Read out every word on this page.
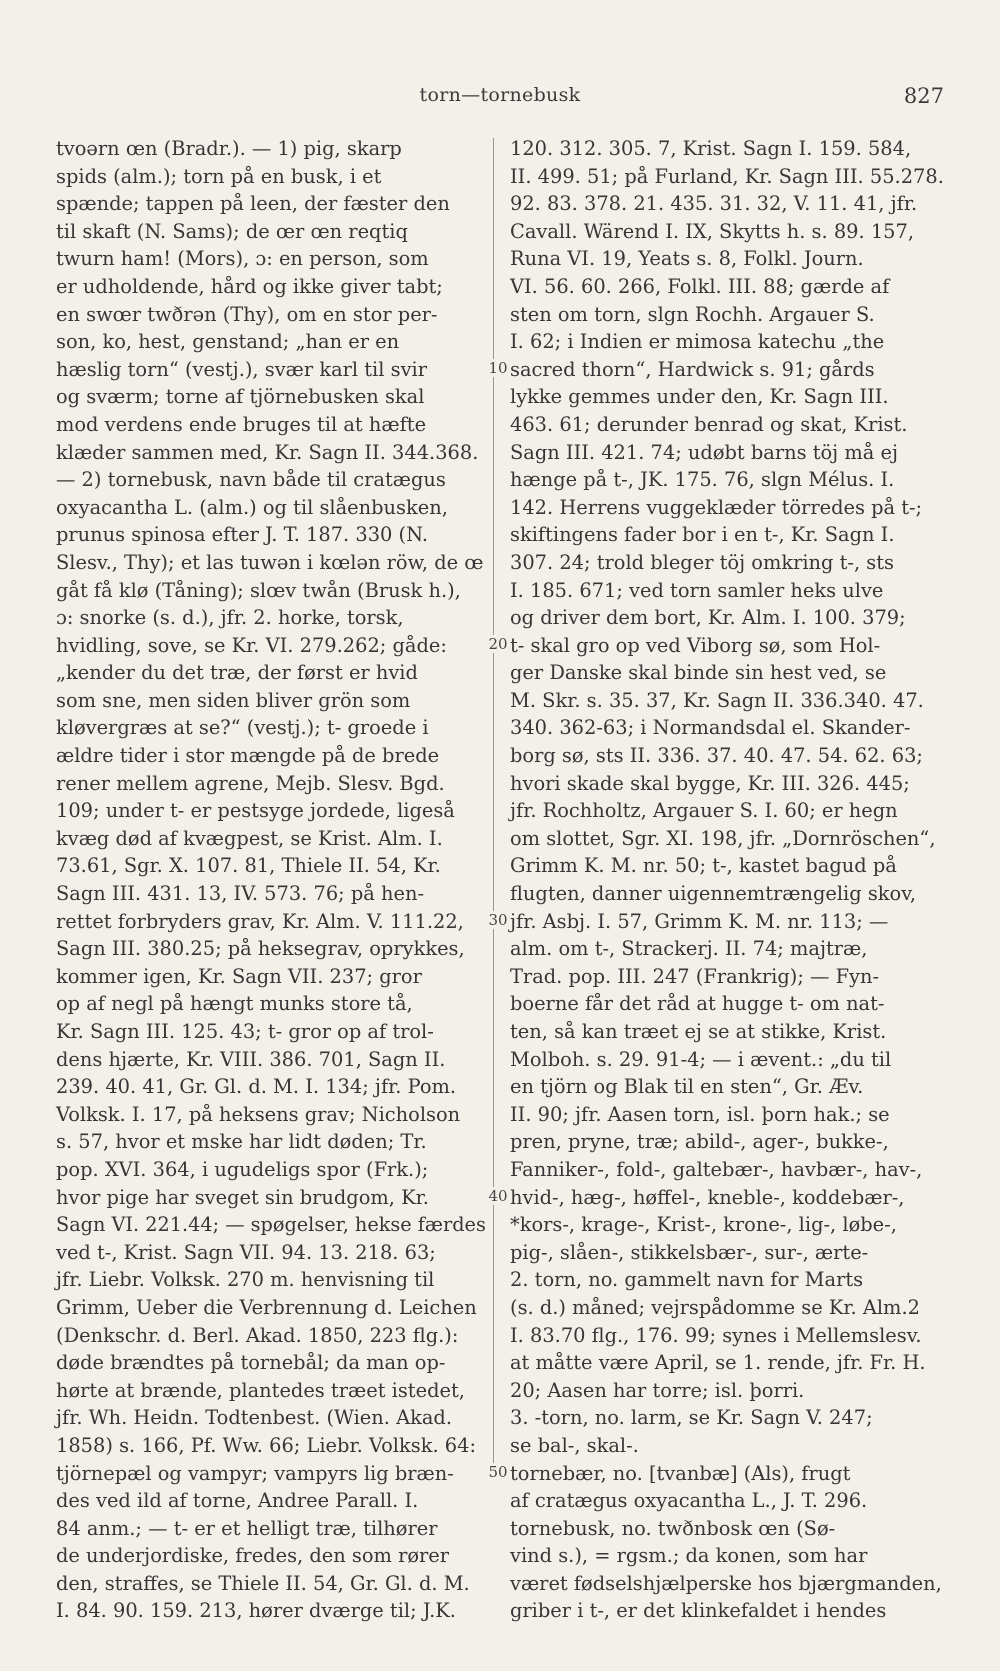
torn—tornebusk	827
tvoərn œn (Bradr.). — 1) pig, skarp
spids (alm.); torn på en busk, i et
spænde; tappen på leen, der fæster den
til skaft (N. Sams); de œr œn reqtiq
twurn ham! (Mors), ɔ: en person, som
er udholdende, hård og ikke giver tabt;
en swœr twðrən (Thy), om en stor per-
son, ko, hest, genstand; „han er en
hæslig torn“ (vestj.), svær karl til svir
og sværm; torne af tjörnebusken skal
mod verdens ende bruges til at hæfte
klæder sammen med, Kr. Sagn II. 344.368.
— 2) tornebusk, navn både til cratægus
oxyacantha L. (alm.) og til slåenbusken,
prunus spinosa efter J. T. 187. 330 (N.
Slesv., Thy); et las tuwən i kœlən röw, de œ
gåt få klø (Tåning); slœv twån (Brusk h.),
ɔ: snorke (s. d.), jfr. 2. horke, torsk,
hvidling, sove, se Kr. VI. 279.262; gåde:
„kender du det træ, der først er hvid
som sne, men siden bliver grön som
kløvergræs at se?“ (vestj.); t- groede i
ældre tider i stor mængde på de brede
rener mellem agrene, Mejb. Slesv. Bgd.
109; under t- er pestsyge jordede, ligeså
kvæg død af kvægpest, se Krist. Alm. I.
73.61, Sgr. X. 107. 81, Thiele II. 54, Kr.
Sagn III. 431. 13, IV. 573. 76; på hen-
rettet forbryders grav, Kr. Alm. V. 111.22,
Sagn III. 380.25; på heksegrav, oprykkes,
kommer igen, Kr. Sagn VII. 237; gror
op af negl på hængt munks store tå,
Kr. Sagn III. 125. 43; t- gror op af trol-
dens hjærte, Kr. VIII. 386. 701, Sagn II.
239. 40. 41, Gr. Gl. d. M. I. 134; jfr. Pom.
Volksk. I. 17, på heksens grav; Nicholson
s. 57, hvor et mske har lidt døden; Tr.
pop. XVI. 364, i ugudeligs spor (Frk.);
hvor pige har sveget sin brudgom, Kr.
Sagn VI. 221.44; — spøgelser, hekse færdes
ved t-, Krist. Sagn VII. 94. 13. 218. 63;
jfr. Liebr. Volksk. 270 m. henvisning til
Grimm, Ueber die Verbrennung d. Leichen
(Denkschr. d. Berl. Akad. 1850, 223 flg.):
døde brændtes på tornebål; da man op-
hørte at brænde, plantedes træet istedet,
jfr. Wh. Heidn. Todtenbest. (Wien. Akad.
1858) s. 166, Pf. Ww. 66; Liebr. Volksk. 64:
tjörnepæl og vampyr; vampyrs lig bræn-
des ved ild af torne, Andree Parall. I.
84 anm.; — t- er et helligt træ, tilhører
de underjordiske, fredes, den som rører
den, straffes, se Thiele II. 54, Gr. Gl. d. M.
I. 84. 90. 159. 213, hører dværge til; J.K.
120. 312. 305. 7, Krist. Sagn I. 159. 584,
II. 499. 51; på Furland, Kr. Sagn III. 55.278.
92. 83. 378. 21. 435. 31. 32, V. 11. 41, jfr.
Cavall. Wärend I. IX, Skytts h. s. 89. 157,
Runa VI. 19, Yeats s. 8, Folkl. Journ.
VI. 56. 60. 266, Folkl. III. 88; gærde af
sten om torn, slgn Rochh. Argauer S.
I. 62; i Indien er mimosa katechu „the
sacred thorn“, Hardwick s. 91; gårds
lykke gemmes under den, Kr. Sagn III.
463. 61; derunder benrad og skat, Krist.
Sagn III. 421. 74; udøbt barns töj må ej
hænge på t-, JK. 175. 76, slgn Mélus. I.
142. Herrens vuggeklæder törredes på t-;
skiftingens fader bor i en t-, Kr. Sagn I.
307. 24; trold bleger töj omkring t-, sts
I. 185. 671; ved torn samler heks ulve
og driver dem bort, Kr. Alm. I. 100. 379;
t- skal gro op ved Viborg sø, som Hol-
ger Danske skal binde sin hest ved, se
M. Skr. s. 35. 37, Kr. Sagn II. 336.340. 47.
340. 362-63; i Normandsdal el. Skander-
borg sø, sts II. 336. 37. 40. 47. 54. 62. 63;
hvori skade skal bygge, Kr. III. 326. 445;
jfr. Rochholtz, Argauer S. I. 60; er hegn
om slottet, Sgr. XI. 198, jfr. „Dornröschen“,
Grimm K. M. nr. 50; t-, kastet bagud på
flugten, danner uigennemtrængelig skov,
jfr. Asbj. I. 57, Grimm K. M. nr. 113; —
alm. om t-, Strackerj. II. 74; majtræ,
Trad. pop. III. 247 (Frankrig); — Fyn-
boerne får det råd at hugge t- om nat-
ten, så kan træet ej se at stikke, Krist.
Molboh. s. 29. 91-4; — i ævent.: „du til
en tjörn og Blak til en sten“, Gr. Æv.
II. 90; jfr. Aasen torn, isl. þorn hak.; se
pren, pryne, træ; abild-, ager-, bukke-,
Fanniker-, fold-, galtebær-, havbær-, hav-,
hvid-, hæg-, høffel-, kneble-, koddebær-,
*kors-, krage-, Krist-, krone-, lig-, løbe-,
pig-, slåen-, stikkelsbær-, sur-, ærte-
2. torn, no. gammelt navn for Marts
(s. d.) måned; vejrspådomme se Kr. Alm.2
I. 83.70 flg., 176. 99; synes i Mellemslesv.
at måtte være April, se 1. rende, jfr. Fr. H.
20; Aasen har torre; isl. þorri.
3. -torn, no. larm, se Kr. Sagn V. 247;
se bal-, skal-.
tornebær, no. [tvanbæ] (Als), frugt
af cratægus oxyacantha L., J. T. 296.
tornebusk, no. twðnbosk œn (Sø-
vind s.), = rgsm.; da konen, som har
været fødselshjælperske hos bjærgmanden,
griber i t-, er det klinkefaldet i hendes
10
20
30
40
50
